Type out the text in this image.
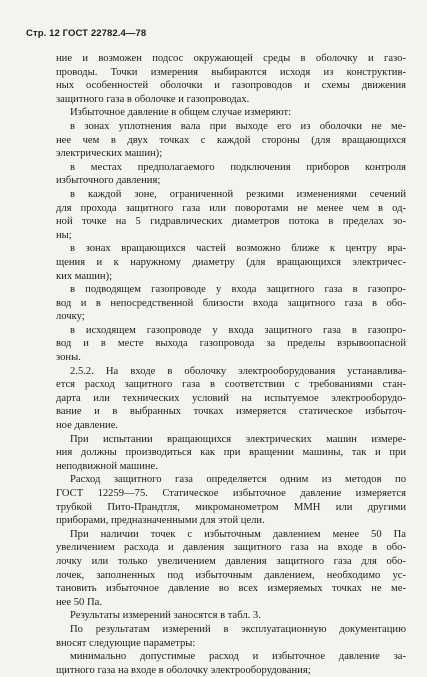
Стр. 12 ГОСТ 22782.4—78
ние и возможен подсос окружающей среды в оболочку и газо-
проводы. Точки измерения выбираются исходя из конструктив-
ных особенностей оболочки и газопроводов и схемы движения
защитного газа в оболочке и газопроводах.
Избыточное давление в общем случае измеряют:
в зонах уплотнения вала при выходе его из оболочки не ме-
нее чем в двух точках с каждой стороны (для вращающихся
электрических машин);
в местах предполагаемого подключения приборов контроля
избыточного давления;
в каждой зоне, ограниченной резкими изменениями сечений
для прохода защитного газа или поворотами не менее чем в од-
ной точке на 5 гидравлических диаметров потока в пределах зо-
ны;
в зонах вращающихся частей возможно ближе к центру вра-
щения и к наружному диаметру (для вращающихся электричес-
ких машин);
в подводящем газопроводе у входа защитного газа в газопро-
вод и в непосредственной близости входа защитного газа в обо-
лочку;
в исходящем газопроводе у входа защитного газа в газопро-
вод и в месте выхода газопровода за пределы взрывоопасной
зоны.
2.5.2. На входе в оболочку электрооборудования устанавлива-
ется расход защитного газа в соответствии с требованиями стан-
дарта или технических условий на испытуемое электрооборудо-
вание и в выбранных точках измеряется статическое избыточ-
ное давление.
При испытании вращающихся электрических машин измере-
ния должны производиться как при вращении машины, так и при
неподвижной машине.
Расход защитного газа определяется одним из методов по
ГОСТ 12259—75. Статическое избыточное давление измеряется
трубкой Пито-Прандтля, микроманометром ММН или другими
приборами, предназначенными для этой цели.
При наличии точек с избыточным давлением менее 50 Па
увеличением расхода и давления защитного газа на входе в обо-
лочку или только увеличением давления защитного газа для обо-
лочек, заполненных под избыточным давлением, необходимо ус-
тановить избыточное давление во всех измеряемых точках не ме-
нее 50 Па.
Результаты измерений заносятся в табл. 3.
По результатам измерений в эксплуатационную документацию
вносят следующие параметры:
минимально допустимые расход и избыточное давление за-
щитного газа на входе в оболочку электрооборудования;
